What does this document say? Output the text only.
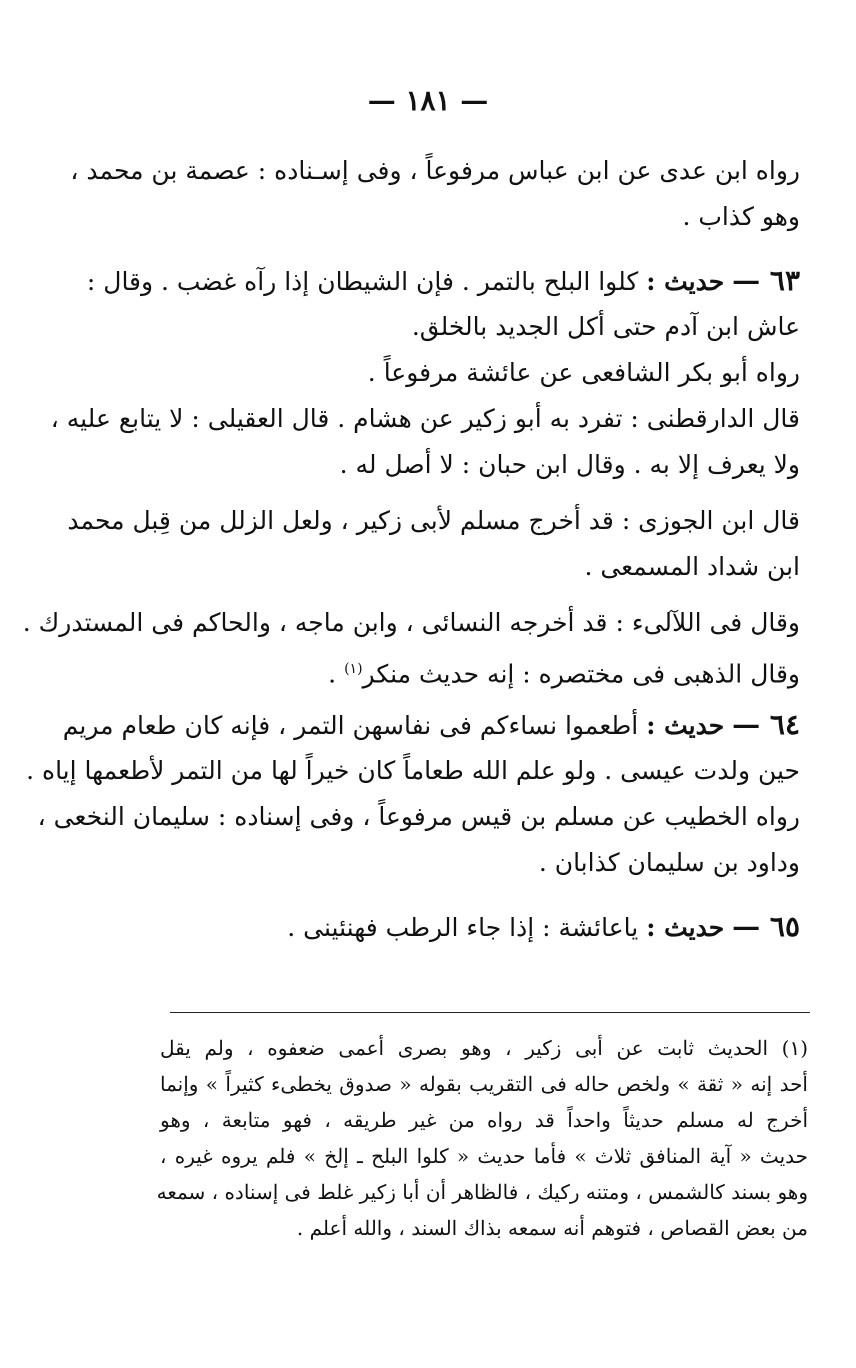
— ١٨١ —
رواه ابن عدى عن ابن عباس مرفوعاً ، وفى إسـناده : عصمة بن محمد ،
وهو كذاب .
٦٣ — حديث : كلوا البلح بالتمر . فإن الشيطان إذا رآه غضب . وقال :
عاش ابن آدم حتى أكل الجديد بالخلق.
رواه أبو بكر الشافعى عن عائشة مرفوعاً .
قال الدارقطنى : تفرد به أبو زكير عن هشام . قال العقيلى : لا يتابع عليه ،
ولا يعرف إلا به . وقال ابن حبان : لا أصل له .
قال ابن الجوزى : قد أخرج مسلم لأبى زكير ، ولعل الزلل من قِبل محمد
ابن شداد المسمعى .
وقال فى اللآلىء : قد أخرجه النسائى ، وابن ماجه ، والحاكم فى المستدرك .
وقال الذهبى فى مختصره : إنه حديث منكر$^{(١)}$ .
٦٤ — حديث : أطعموا نساءكم فى نفاسهن التمر ، فإنه كان طعام مريم
حين ولدت عيسى . ولو علم الله طعاماً كان خيراً لها من التمر لأطعمها إياه .
رواه الخطيب عن مسلم بن قيس مرفوعاً ، وفى إسناده : سليمان النخعى ،
وداود بن سليمان كذابان .
٦٥ — حديث : ياعائشة : إذا جاء الرطب فهنئينى .
(١) الحديث ثابت عن أبى زكير ، وهو بصرى أعمى ضعفوه ، ولم يقل
أحد إنه « ثقة » ولخص حاله فى التقريب بقوله « صدوق يخطىء كثيراً » وإنما
أخرج له مسلم حديثاً واحداً قد رواه من غير طريقه ، فهو متابعة ، وهو
حديث « آية المنافق ثلاث » فأما حديث « كلوا البلح ـ إلخ » فلم يروه غيره ،
وهو بسند كالشمس ، ومتنه ركيك ، فالظاهر أن أبا زكير غلط فى إسناده ، سمعه
من بعض القصاص ، فتوهم أنه سمعه بذاك السند ، والله أعلم .
